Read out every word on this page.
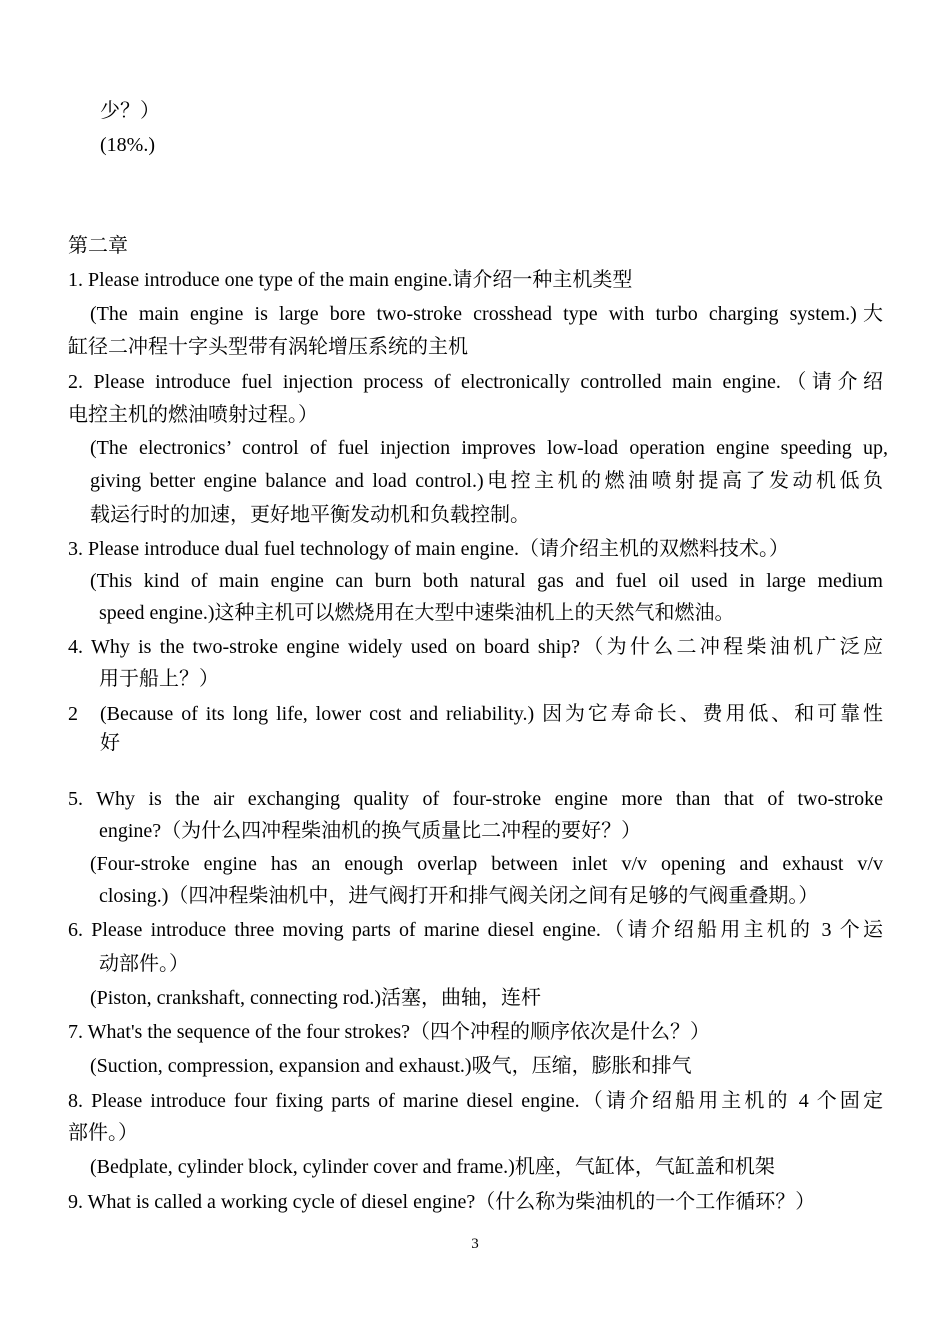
少？）
(18%.)
第二章
1. Please introduce one type of the main engine.请介绍一种主机类型
(The main engine is large bore two-stroke crosshead type with turbo charging system.)大
缸径二冲程十字头型带有涡轮增压系统的主机
2. Please introduce fuel injection process of electronically controlled main engine.（请介绍
电控主机的燃油喷射过程。）
(The electronics’ control of fuel injection improves low-load operation engine speeding up,
giving better engine balance and load control.)电控主机的燃油喷射提高了发动机低负
载运行时的加速，更好地平衡发动机和负载控制。
3. Please introduce dual fuel technology of main engine.（请介绍主机的双燃料技术。）
(This kind of main engine can burn both natural gas and fuel oil used in large medium
speed engine.)这种主机可以燃烧用在大型中速柴油机上的天然气和燃油。
4. Why is the two-stroke engine widely used on board ship?（为什么二冲程柴油机广泛应
用于船上？）
2 (Because of its long life, lower cost and reliability.) 因为它寿命长、费用低、和可靠性
好
5. Why is the air exchanging quality of four-stroke engine more than that of two-stroke
engine?（为什么四冲程柴油机的换气质量比二冲程的要好？）
(Four-stroke engine has an enough overlap between inlet v/v opening and exhaust v/v
closing.)（四冲程柴油机中，进气阀打开和排气阀关闭之间有足够的气阀重叠期。）
6. Please introduce three moving parts of marine diesel engine.（请介绍船用主机的 3 个运
动部件。）
(Piston, crankshaft, connecting rod.)活塞，曲轴，连杆
7. What's the sequence of the four strokes?（四个冲程的顺序依次是什么？）
(Suction, compression, expansion and exhaust.)吸气，压缩，膨胀和排气
8. Please introduce four fixing parts of marine diesel engine.（请介绍船用主机的 4 个固定
部件。）
(Bedplate, cylinder block, cylinder cover and frame.)机座，气缸体，气缸盖和机架
9. What is called a working cycle of diesel engine?（什么称为柴油机的一个工作循环？）
3
